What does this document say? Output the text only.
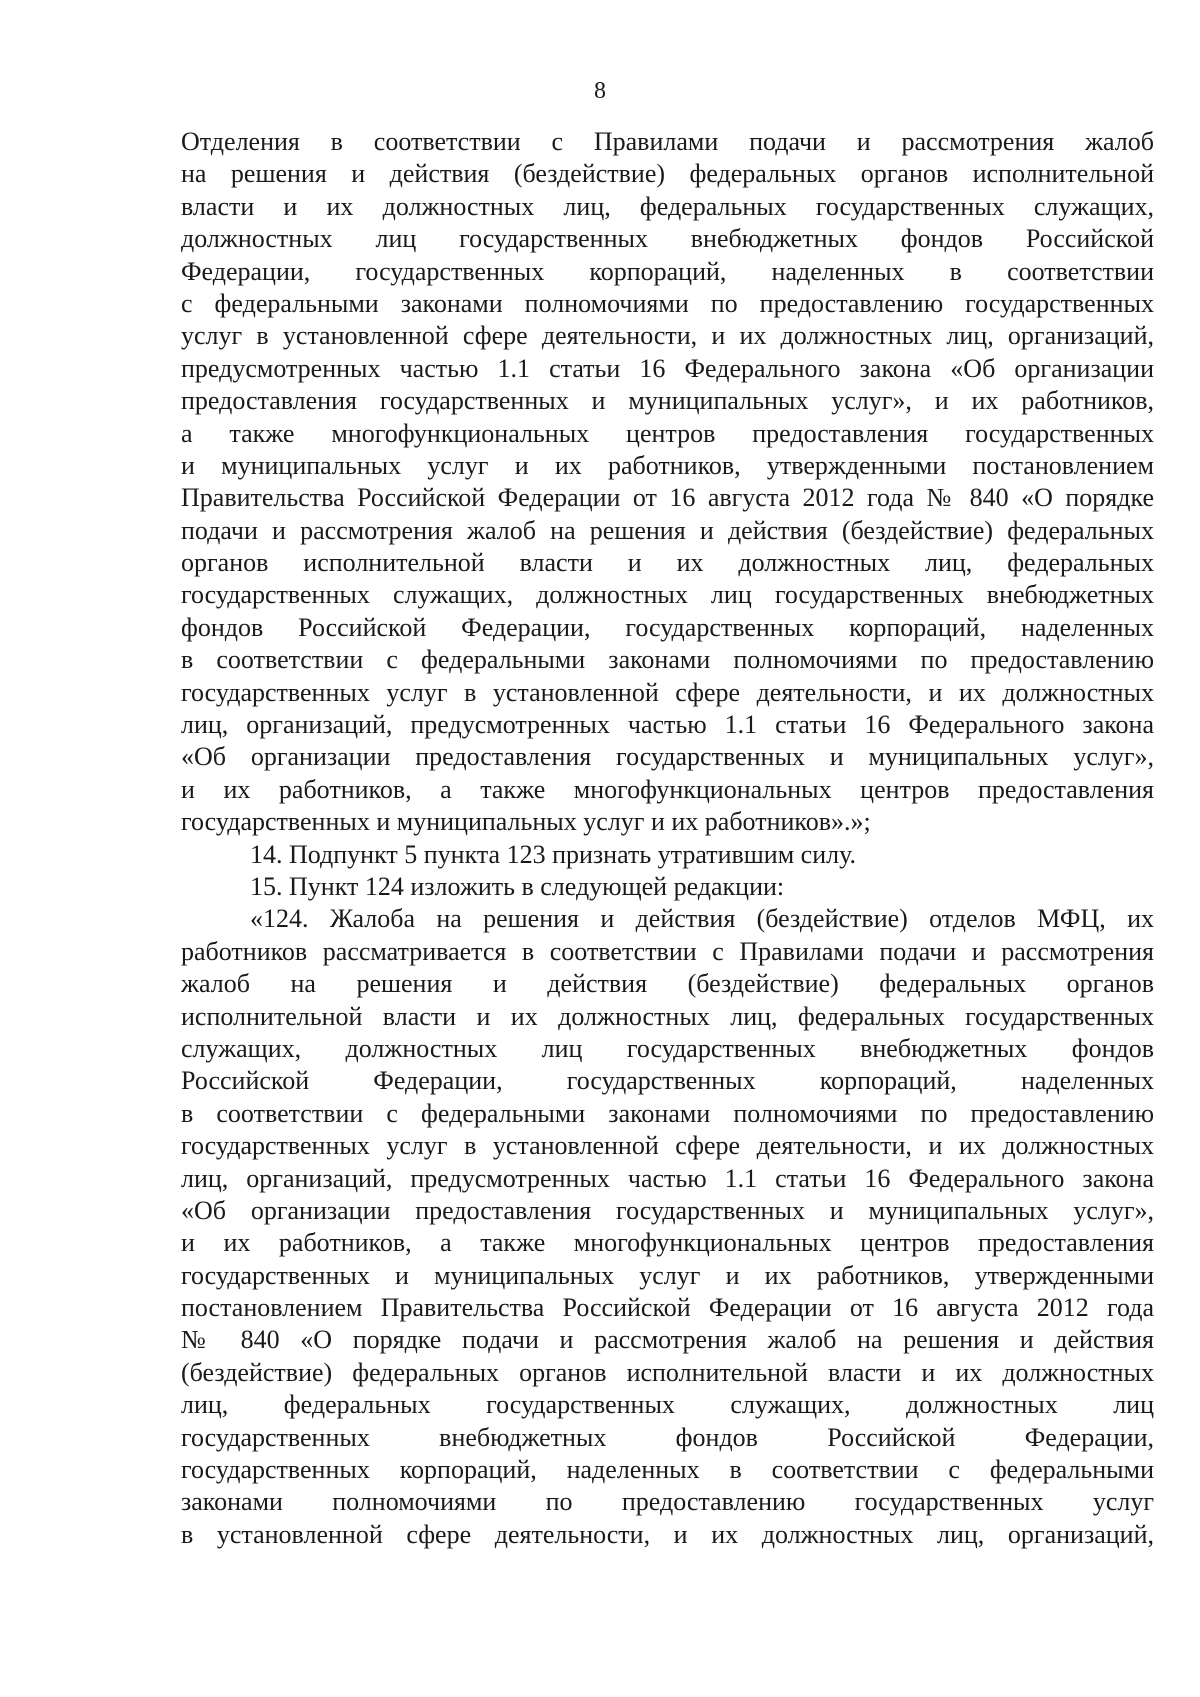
8
Отделения в соответствии с Правилами подачи и рассмотрения жалоб
на решения и действия (бездействие) федеральных органов исполнительной
власти и их должностных лиц, федеральных государственных служащих,
должностных лиц государственных внебюджетных фондов Российской
Федерации, государственных корпораций, наделенных в соответствии
с федеральными законами полномочиями по предоставлению государственных
услуг в установленной сфере деятельности, и их должностных лиц, организаций,
предусмотренных частью 1.1 статьи 16 Федерального закона «Об организации
предоставления государственных и муниципальных услуг», и их работников,
а также многофункциональных центров предоставления государственных
и муниципальных услуг и их работников, утвержденными постановлением
Правительства Российской Федерации от 16 августа 2012 года № 840 «О порядке
подачи и рассмотрения жалоб на решения и действия (бездействие) федеральных
органов исполнительной власти и их должностных лиц, федеральных
государственных служащих, должностных лиц государственных внебюджетных
фондов Российской Федерации, государственных корпораций, наделенных
в соответствии с федеральными законами полномочиями по предоставлению
государственных услуг в установленной сфере деятельности, и их должностных
лиц, организаций, предусмотренных частью 1.1 статьи 16 Федерального закона
«Об организации предоставления государственных и муниципальных услуг»,
и их работников, а также многофункциональных центров предоставления
государственных и муниципальных услуг и их работников».»;
14. Подпункт 5 пункта 123 признать утратившим силу.
15. Пункт 124 изложить в следующей редакции:
«124. Жалоба на решения и действия (бездействие) отделов МФЦ, их
работников рассматривается в соответствии с Правилами подачи и рассмотрения
жалоб на решения и действия (бездействие) федеральных органов
исполнительной власти и их должностных лиц, федеральных государственных
служащих, должностных лиц государственных внебюджетных фондов
Российской Федерации, государственных корпораций, наделенных
в соответствии с федеральными законами полномочиями по предоставлению
государственных услуг в установленной сфере деятельности, и их должностных
лиц, организаций, предусмотренных частью 1.1 статьи 16 Федерального закона
«Об организации предоставления государственных и муниципальных услуг»,
и их работников, а также многофункциональных центров предоставления
государственных и муниципальных услуг и их работников, утвержденными
постановлением Правительства Российской Федерации от 16 августа 2012 года
№ 840 «О порядке подачи и рассмотрения жалоб на решения и действия
(бездействие) федеральных органов исполнительной власти и их должностных
лиц, федеральных государственных служащих, должностных лиц
государственных внебюджетных фондов Российской Федерации,
государственных корпораций, наделенных в соответствии с федеральными
законами полномочиями по предоставлению государственных услуг
в установленной сфере деятельности, и их должностных лиц, организаций,
